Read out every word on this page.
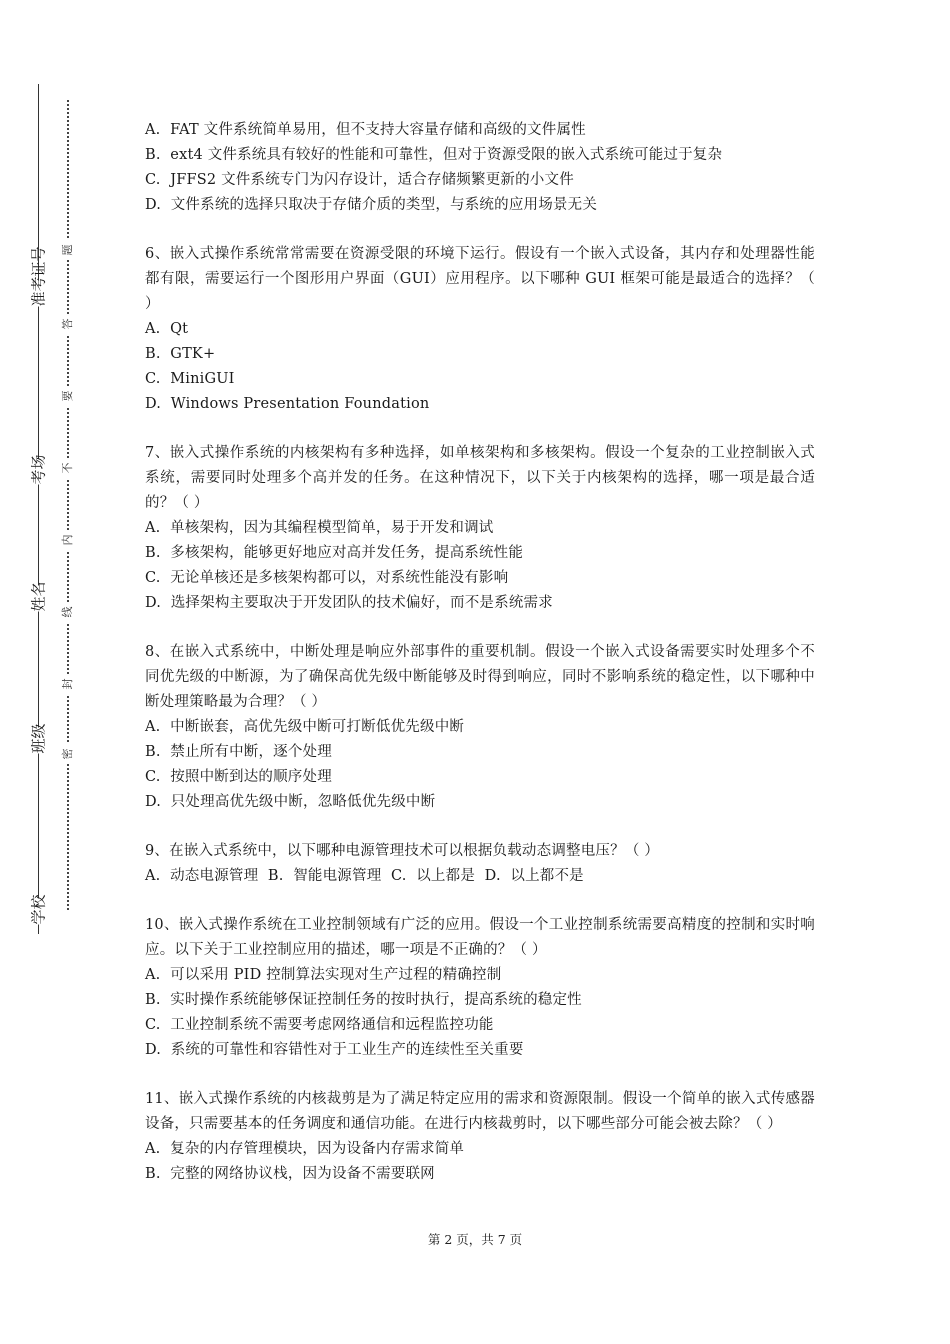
准考证号
考场
姓名
班级
学校
题
答
要
不
内
线
封
密

A.  FAT 文件系统简单易用，但不支持大容量存储和高级的文件属性

B.  ext4 文件系统具有较好的性能和可靠性，但对于资源受限的嵌入式系统可能过于复杂

C.  JFFS2 文件系统专门为闪存设计，适合存储频繁更新的小文件

D.  文件系统的选择只取决于存储介质的类型，与系统的应用场景无关

6、嵌入式操作系统常常需要在资源受限的环境下运行。假设有一个嵌入式设备，其内存和处理器性能都有限，需要运行一个图形用户界面（GUI）应用程序。以下哪种 GUI 框架可能是最适合的选择？（ ）

A.  Qt

B.  GTK+

C.  MiniGUI

D.  Windows Presentation Foundation

7、嵌入式操作系统的内核架构有多种选择，如单核架构和多核架构。假设一个复杂的工业控制嵌入式系统，需要同时处理多个高并发的任务。在这种情况下，以下关于内核架构的选择，哪一项是最合适的？（ ）

A.  单核架构，因为其编程模型简单，易于开发和调试

B.  多核架构，能够更好地应对高并发任务，提高系统性能

C.  无论单核还是多核架构都可以，对系统性能没有影响

D.  选择架构主要取决于开发团队的技术偏好，而不是系统需求

8、在嵌入式系统中，中断处理是响应外部事件的重要机制。假设一个嵌入式设备需要实时处理多个不同优先级的中断源，为了确保高优先级中断能够及时得到响应，同时不影响系统的稳定性，以下哪种中断处理策略最为合理？（ ）

A.  中断嵌套，高优先级中断可打断低优先级中断

B.  禁止所有中断，逐个处理

C.  按照中断到达的顺序处理

D.  只处理高优先级中断，忽略低优先级中断

9、在嵌入式系统中，以下哪种电源管理技术可以根据负载动态调整电压？（ ）

A.  动态电源管理  B.  智能电源管理  C.  以上都是  D.  以上都不是

10、嵌入式操作系统在工业控制领域有广泛的应用。假设一个工业控制系统需要高精度的控制和实时响应。以下关于工业控制应用的描述，哪一项是不正确的？（ ）

A.  可以采用 PID 控制算法实现对生产过程的精确控制

B.  实时操作系统能够保证控制任务的按时执行，提高系统的稳定性

C.  工业控制系统不需要考虑网络通信和远程监控功能

D.  系统的可靠性和容错性对于工业生产的连续性至关重要

11、嵌入式操作系统的内核裁剪是为了满足特定应用的需求和资源限制。假设一个简单的嵌入式传感器设备，只需要基本的任务调度和通信功能。在进行内核裁剪时，以下哪些部分可能会被去除？（ ）

A.  复杂的内存管理模块，因为设备内存需求简单

B.  完整的网络协议栈，因为设备不需要联网

第 2 页，共 7 页
